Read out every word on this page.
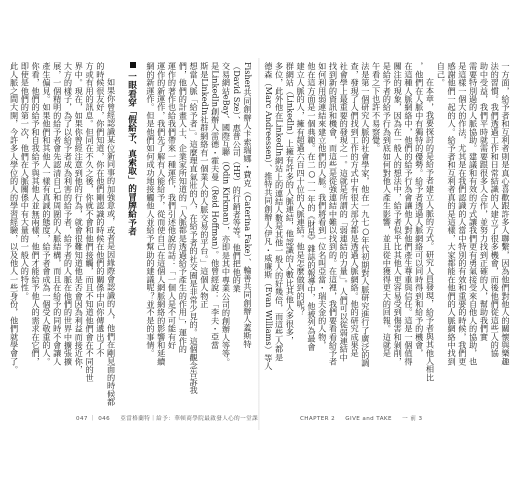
Fisher共同創辦人卡索瑞娜・費克（Caterina Fake）、輪善共同創辦人蓋斯特
（David Sze）、惠普公司（HP）的行銷者等等。他們把他的業
交易網站eBay、國際互聯（Odin Kirkman），亦即是其中專業公司的創辦人等等。
是LinkedIn創辦人雷德・霍夫曼（Reid Hoffman）。他曾經說：「李夫・亞當
斯是LinkedIn社群網絡有一個業人的人脈交易的平台。」這個人物正
想當人脈「給予者」。這麼理直氣壯的人，在給予者的社交圈是非常少見的。這個觀念告訴我
們，他們的計畫人士、企業家所知道的「人脈都是透過給予產生的作用」，運作的
運作的著作也給我們帶來一種運作，我們引述他說的話：「一個人是不可能有好
運作的新運作，我們先了解有人能給予，從而使自己在這個人網脈網絡的影響和延續
網的新運作。但是他們如何成功地接觸他人並給予幫助的建議呢？並不是的事情。
一眼看穿「假給予、真索取」的冒牌給予者
如果你曾經認識某位新同事的加強意或，或者是因緣際會認識的人，他們在剛見面的時候都
的時候很友好，你們知道，你在他們剛認識的時候在他們的關係中向你傳遞出了不
方或有用的訊息。但同在不久之後，你就不會和他們接觸，而且不知道他們會在不同的世
界中。現在，如果你曾經注意到他的行為，就會很難知道他是否會因為利益而接近你，
大方的樣子，為了以給予者成為利害的給予者，給予者的人脈在他們的世界中擴張擴
展，一個精明的給予者會先認清自己和周圍的人脈結構，而且在給予的同時不會讓人
產生偏見。如果他們和其他人一樣有真誠的態度，給予者會成為一個受人敬重的人。
你看，他們的給予和自我給予與其他人並無兩樣，他們才能給予他人的需求在它們，
即使是他們的第一次，他們在人脈關係中有大量的一般人的特性。
此人脈之間大開，今許多人學位的人的學習經驗，以及他人一些身份，他們就學會了。	一方面，給予者和互利者則是真心喜歡跟許多人聯繫，因為他們對他人的關懷與樂趣
法的習慣。我們透過工作和日常結識的人建立了很多機會，而後他們從這些人的協
助中受益，我們平時就需要跟很多人合作，並努力找到正確的人，幫助我們實
需要特別過的人脈協助。建議和有效的方式讓我們更有勇氣接受來自他人的協助，也
是這樣一個大的作法，尤其是在我們認識的人當中特別的有效和重要的時候，我們更
感謝他們一起的人。給予者和互利者真的是這樣，大家都能在他們的人脈網絡中找到
自己。
在本章，我要探討的是給予者建立人脈的方式。研究人員發現，給予者與其他人相比
，他們在人脈中有獨特的優勢。給予者透過人脈網絡可以同時得到和給予的機會，
在這種人脈網絡中，他們的給予行為會讓他人對他們產生尊重與信任。這是一個值得
關注的現象，因為在一般人的想法中，給予者似乎比其他人更容易受到傷害和剝削，
是給予者的給予行為到底如何對他人產生影響，並且從中獲得更大的回報。這就是
午看之下也許不易察覺。
法是第一個研究人脈的社會學家，他在一九七○年代初期對人脈研究進行了廣泛的調
查，發現了人們找到工作的方式中有很大部分都是透過人脈網絡。他的研究成果是
社會學上最重要的發現之一。這就是所謂的「弱連結的力量」。人們可以從弱連結中
找到新的資訊和機會，而這些是從強連結中難以找到的。在這裡，我們要看看給予者
如何利用弱連結來建立他們的人脈。我們將看到一位名叫亞當・瑞夫金的人物，
他在這方面是一個典範。在二○一一年的《財星》雜誌的報導中，他被列為最會
建立人脈的人，擁有超過六百四十位的人脈連結。他是怎麼做到的呢？
群網站（Linkedln）上擁有許多的人脈連結，他認識的人數比其他人多很多，
多位，此外他在LinkedIn網站上的連結人數是其他一般人的好幾倍，而這些人都是
德森（Marc Andreessen）、推特共同創辦人伊凡・威廉斯（Evan Williams）等人
047 ｜ 046 亞當格蘭特｜給予：華頓商學院最啟發人心的一堂課	CHAPTER 2 GIVE and TAKE 一 前 3
